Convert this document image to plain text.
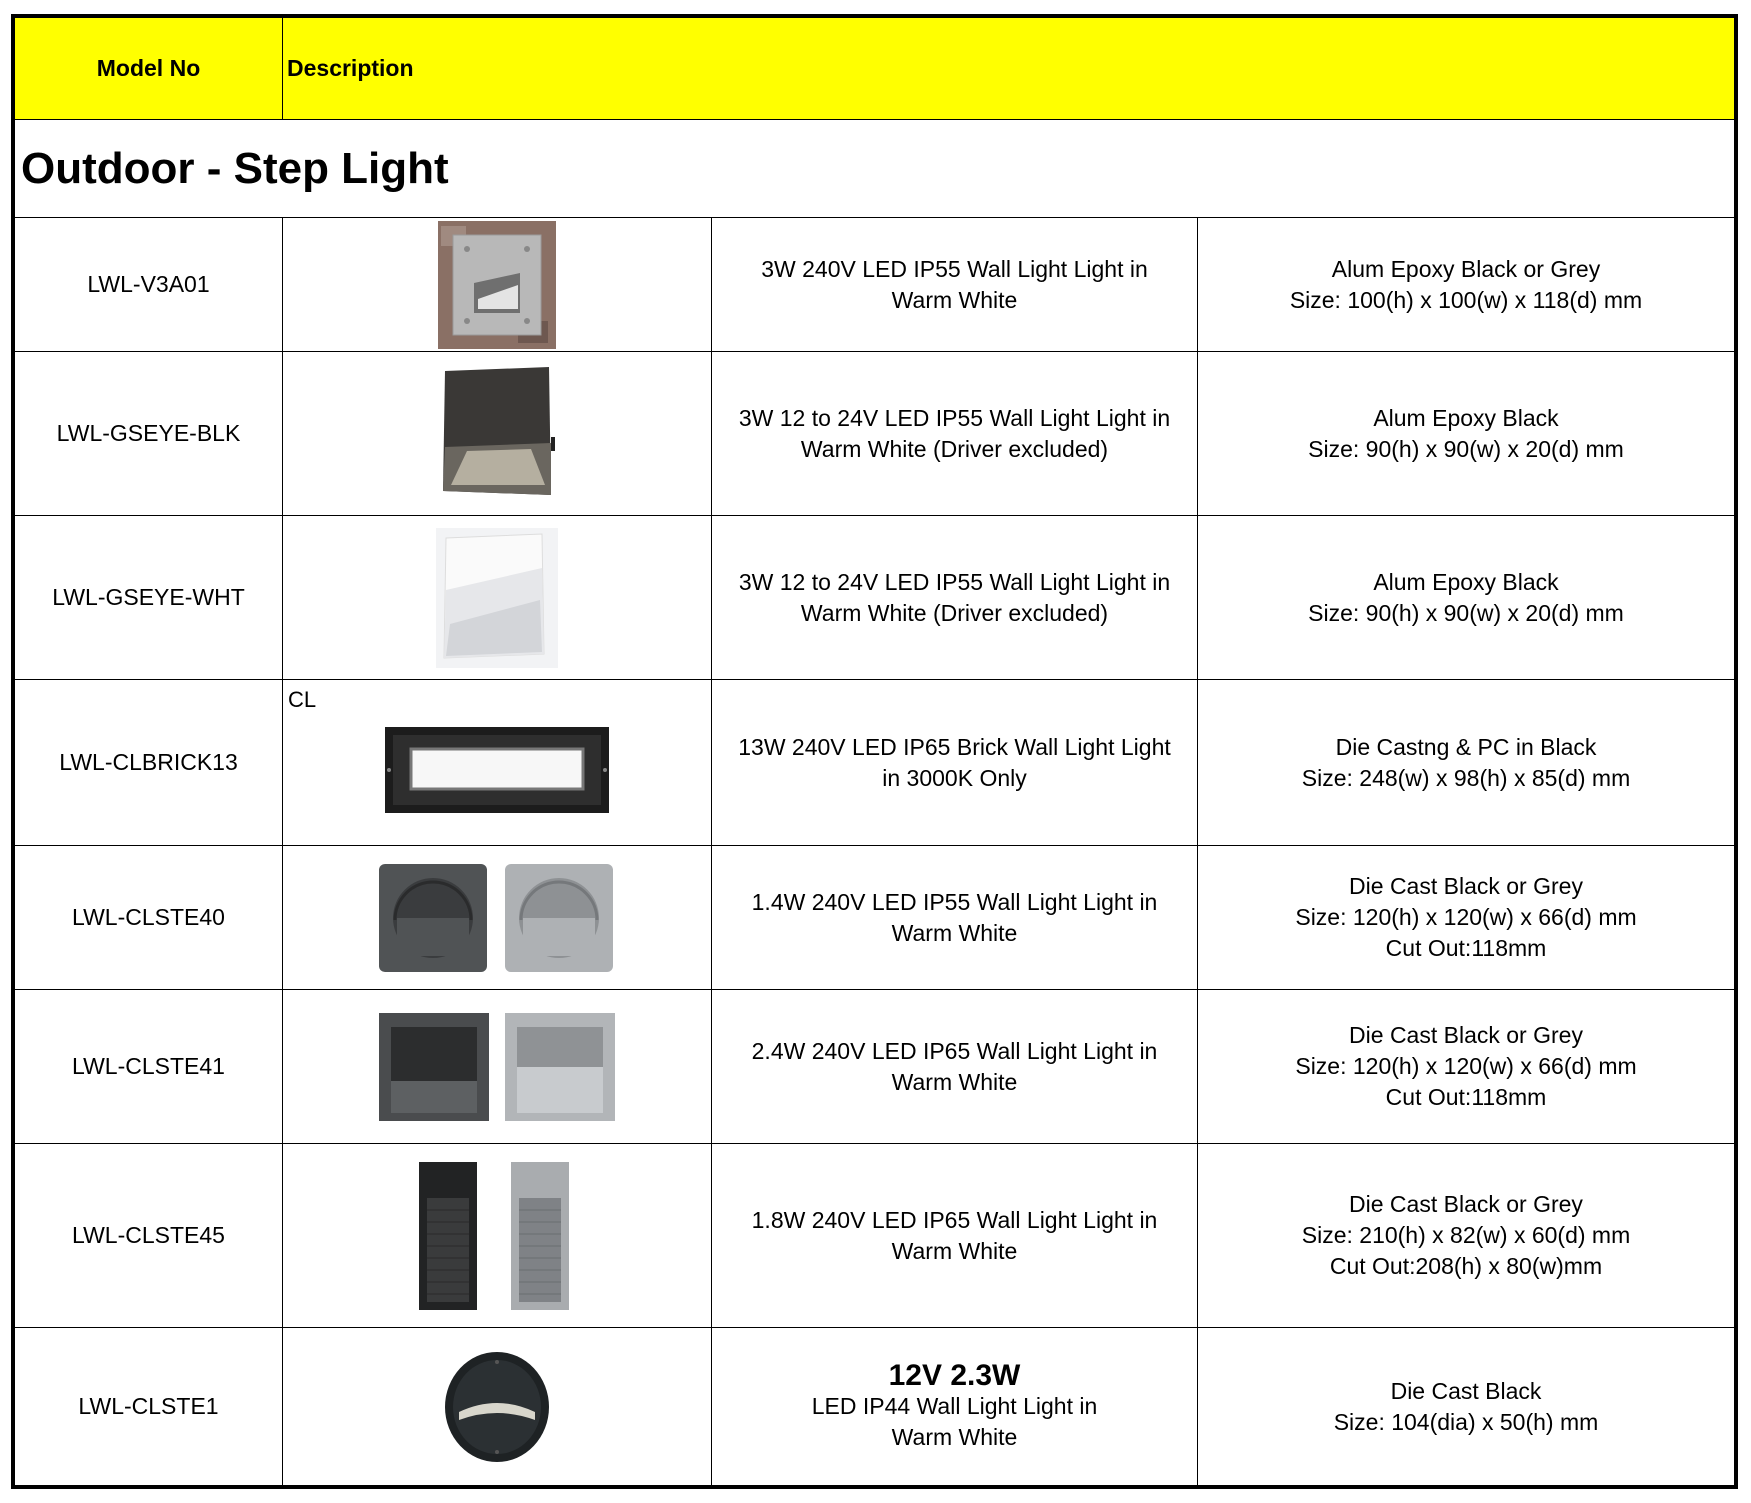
Model No	Description
Outdoor - Step Light
LWL-V3A01
3W 240V LED IP55 Wall Light Light in
Warm White
Alum Epoxy Black or Grey
Size: 100(h) x 100(w) x 118(d) mm
LWL-GSEYE-BLK
3W 12 to 24V LED IP55 Wall Light Light in
Warm White (Driver excluded)
Alum Epoxy Black
Size: 90(h) x 90(w) x 20(d) mm
LWL-GSEYE-WHT
3W 12 to 24V LED IP55 Wall Light Light in
Warm White (Driver excluded)
Alum Epoxy Black
Size: 90(h) x 90(w) x 20(d) mm
LWL-CLBRICK13
CL
13W 240V LED IP65 Brick Wall Light Light
in 3000K Only
Die Castng & PC in Black
Size: 248(w) x 98(h) x 85(d) mm
LWL-CLSTE40
1.4W 240V LED IP55 Wall Light Light in
Warm White
Die Cast Black or Grey
Size: 120(h) x 120(w) x 66(d) mm
Cut Out:118mm
LWL-CLSTE41
2.4W 240V LED IP65 Wall Light Light in
Warm White
Die Cast Black or Grey
Size: 120(h) x 120(w) x 66(d) mm
Cut Out:118mm
LWL-CLSTE45
1.8W 240V LED IP65 Wall Light Light in
Warm White
Die Cast Black or Grey
Size: 210(h) x 82(w) x 60(d) mm
Cut Out:208(h) x 80(w)mm
LWL-CLSTE1
12V 2.3W
LED IP44 Wall Light Light in
Warm White
Die Cast Black
Size: 104(dia) x 50(h) mm
